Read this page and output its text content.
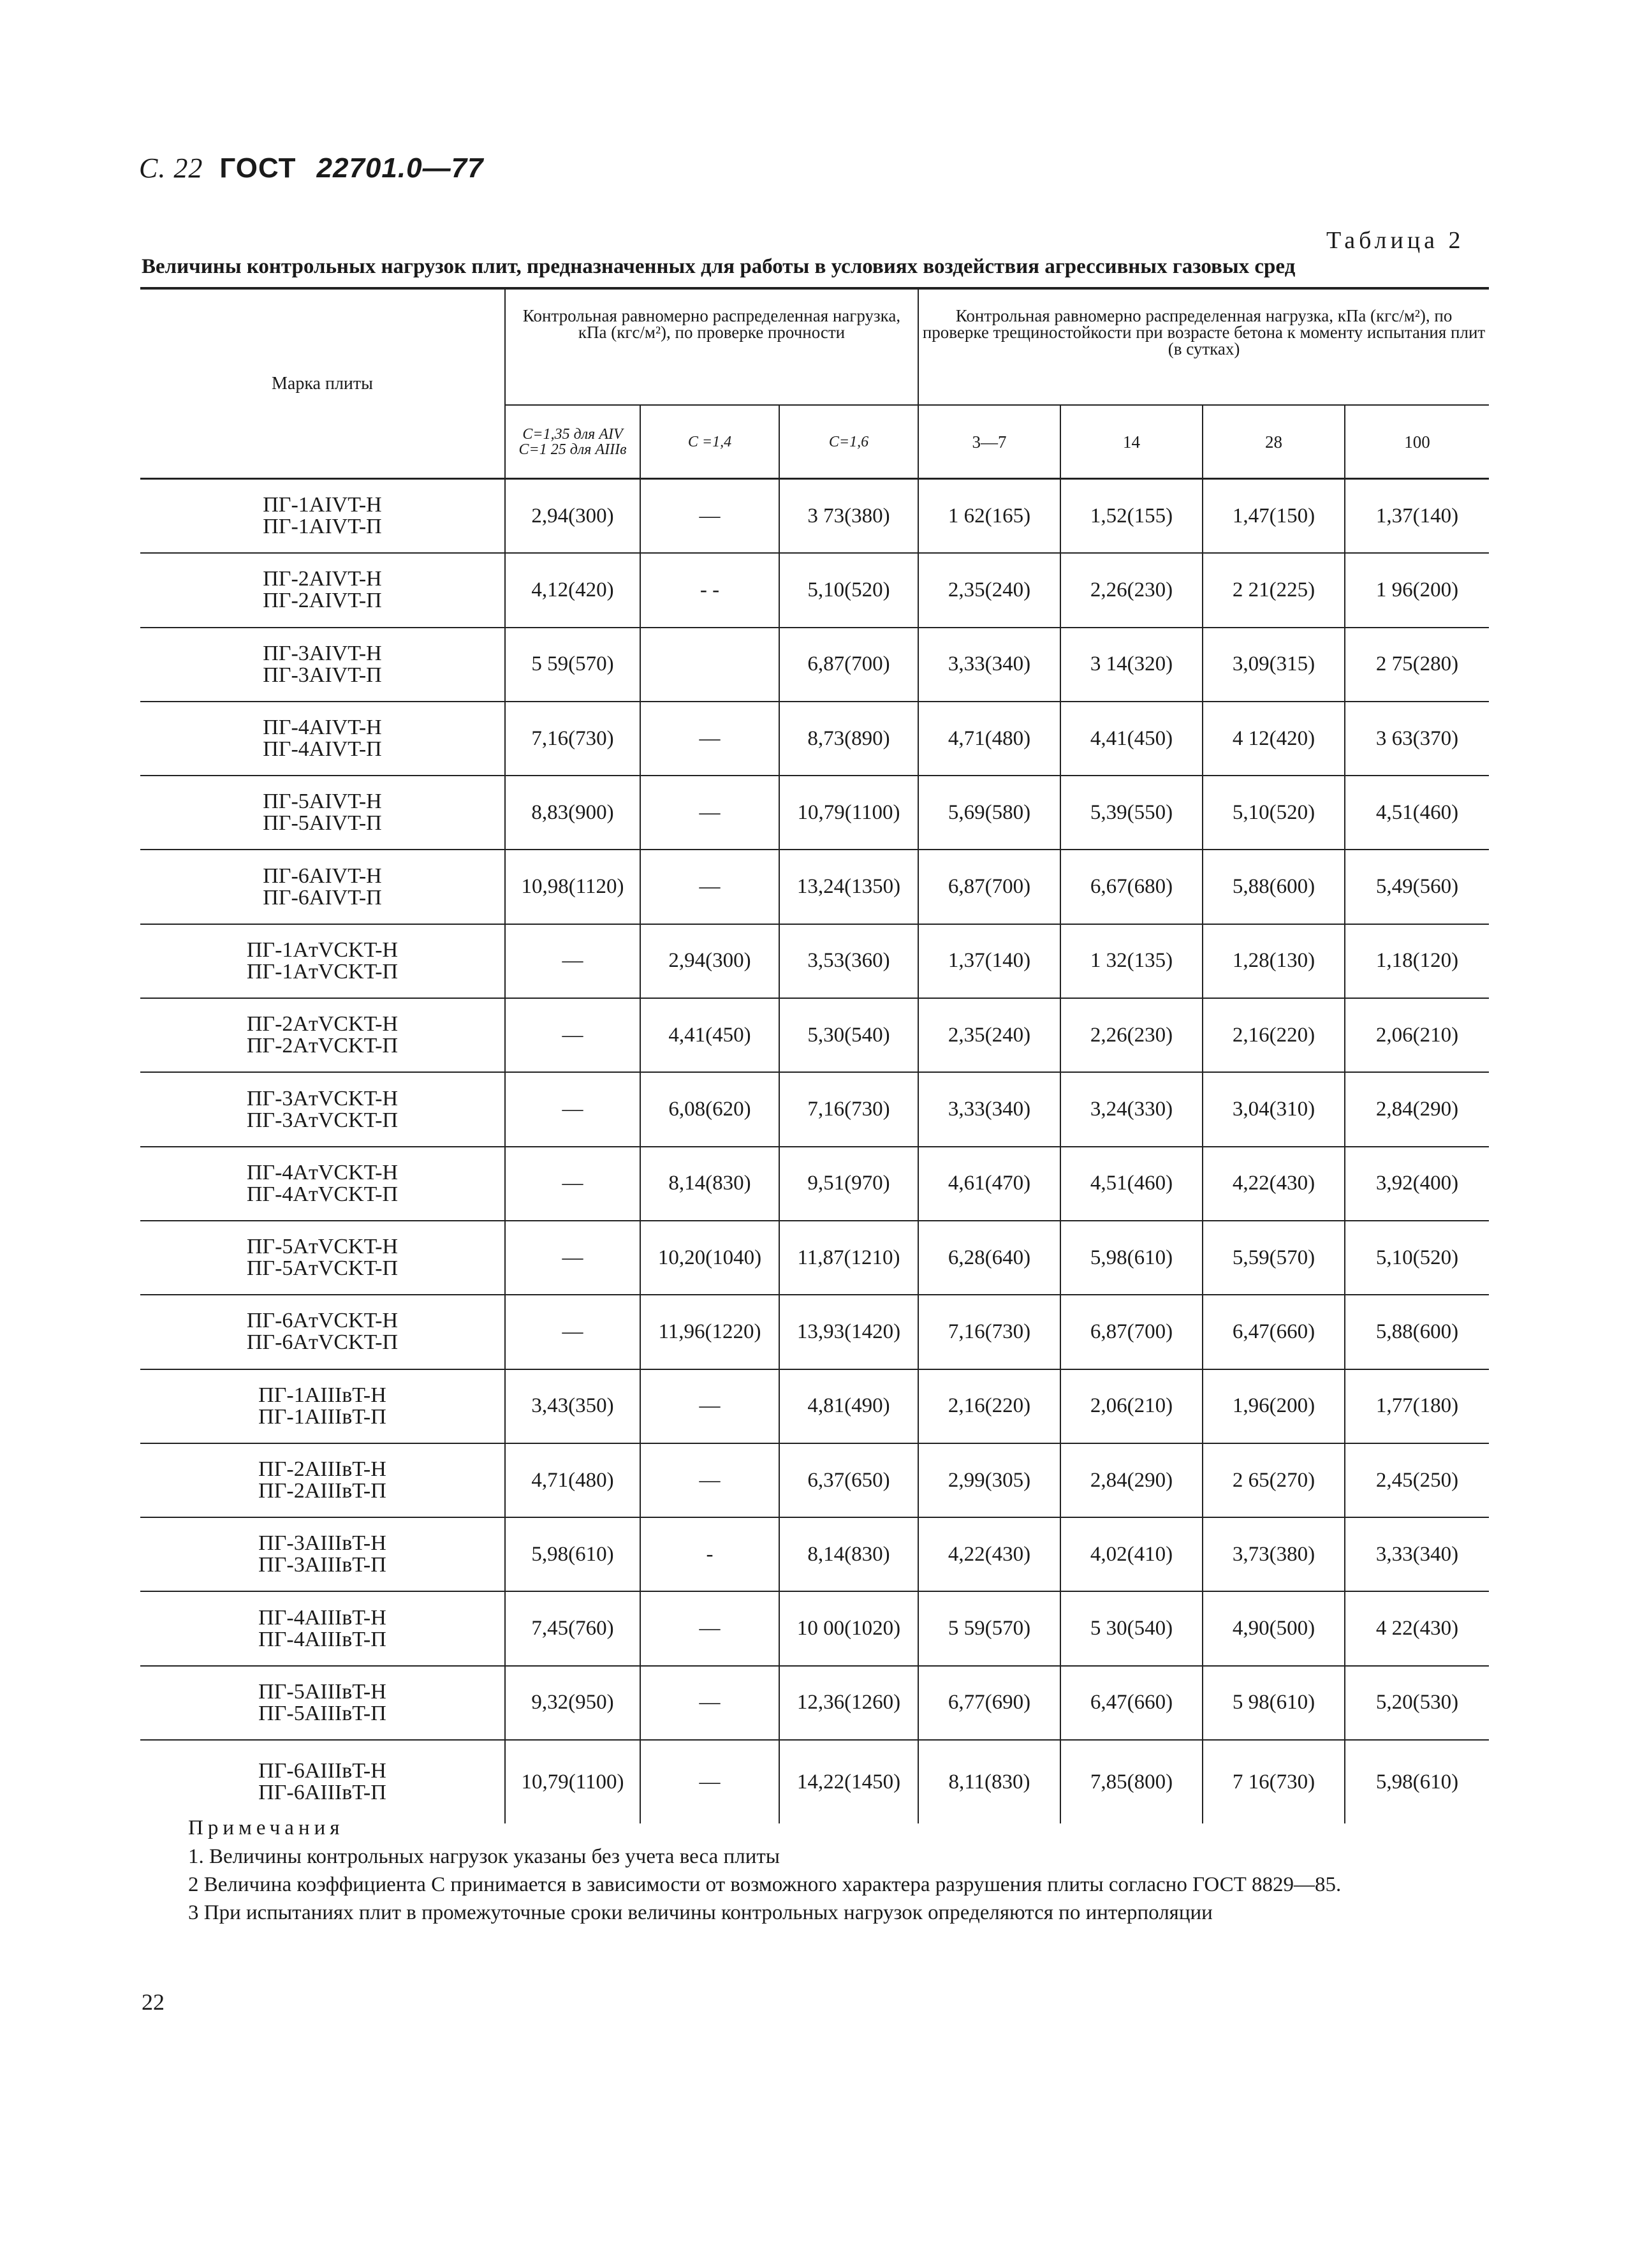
С. 22 ГОСТ 22701.0—77
Таблица 2
Величины контрольных нагрузок плит, предназначенных для работы в условиях воздействия агрессивных газовых сред
Марка плиты	Контрольная равномерно распределенная нагрузка, кПа (кгс/м²), по проверке прочности			Контрольная равномерно распределенная нагрузка, кПа (кгс/м²), по проверке трещиностойкости при возрасте бетона к моменту испытания плит (в сутках)			
	С=1,35 для AIV С=1 25 для AIIIв	С =1,4	С=1,6	3—7	14	28	100

ПГ-1AIVT-H
ПГ-1AIVT-П	2,94(300)	—	3 73(380)	1 62(165)	1,52(155)	1,47(150)	1,37(140)

ПГ-2AIVT-H
ПГ-2AIVT-П	4,12(420)	- -	5,10(520)	2,35(240)	2,26(230)	2 21(225)	1 96(200)

ПГ-3AIVT-H
ПГ-3AIVT-П	5 59(570)		6,87(700)	3,33(340)	3 14(320)	3,09(315)	2 75(280)

ПГ-4AIVT-H
ПГ-4AIVT-П	7,16(730)	—	8,73(890)	4,71(480)	4,41(450)	4 12(420)	3 63(370)

ПГ-5AIVT-H
ПГ-5AIVT-П	8,83(900)	—	10,79(1100)	5,69(580)	5,39(550)	5,10(520)	4,51(460)

ПГ-6AIVT-H
ПГ-6AIVT-П	10,98(1120)	—	13,24(1350)	6,87(700)	6,67(680)	5,88(600)	5,49(560)

ПГ-1AтVCKT-H
ПГ-1AтVCKT-П	—	2,94(300)	3,53(360)	1,37(140)	1 32(135)	1,28(130)	1,18(120)

ПГ-2AтVCKT-H
ПГ-2AтVCKT-П	—	4,41(450)	5,30(540)	2,35(240)	2,26(230)	2,16(220)	2,06(210)

ПГ-3AтVCKT-H
ПГ-3AтVCKT-П	—	6,08(620)	7,16(730)	3,33(340)	3,24(330)	3,04(310)	2,84(290)

ПГ-4AтVCKT-H
ПГ-4AтVCKT-П	—	8,14(830)	9,51(970)	4,61(470)	4,51(460)	4,22(430)	3,92(400)

ПГ-5AтVCKT-H
ПГ-5AтVCKT-П	—	10,20(1040)	11,87(1210)	6,28(640)	5,98(610)	5,59(570)	5,10(520)

ПГ-6AтVCKT-H
ПГ-6AтVCKT-П	—	11,96(1220)	13,93(1420)	7,16(730)	6,87(700)	6,47(660)	5,88(600)

ПГ-1AIIIвT-H
ПГ-1AIIIвT-П	3,43(350)	—	4,81(490)	2,16(220)	2,06(210)	1,96(200)	1,77(180)

ПГ-2AIIIвT-H
ПГ-2AIIIвT-П	4,71(480)	—	6,37(650)	2,99(305)	2,84(290)	2 65(270)	2,45(250)

ПГ-3AIIIвT-H
ПГ-3AIIIвT-П	5,98(610)	-	8,14(830)	4,22(430)	4,02(410)	3,73(380)	3,33(340)

ПГ-4AIIIвT-H
ПГ-4AIIIвT-П	7,45(760)	—	10 00(1020)	5 59(570)	5 30(540)	4,90(500)	4 22(430)

ПГ-5AIIIвT-H
ПГ-5AIIIвT-П	9,32(950)	—	12,36(1260)	6,77(690)	6,47(660)	5 98(610)	5,20(530)

ПГ-6AIIIвT-H
ПГ-6AIIIвT-П	10,79(1100)	—	14,22(1450)	8,11(830)	7,85(800)	7 16(730)	5,98(610)
Примечания
1. Величины контрольных нагрузок указаны без учета веса плиты
2 Величина коэффициента С принимается в зависимости от возможного характера разрушения плиты согласно ГОСТ 8829—85.
3 При испытаниях плит в промежуточные сроки величины контрольных нагрузок определяются по интерполяции
22
